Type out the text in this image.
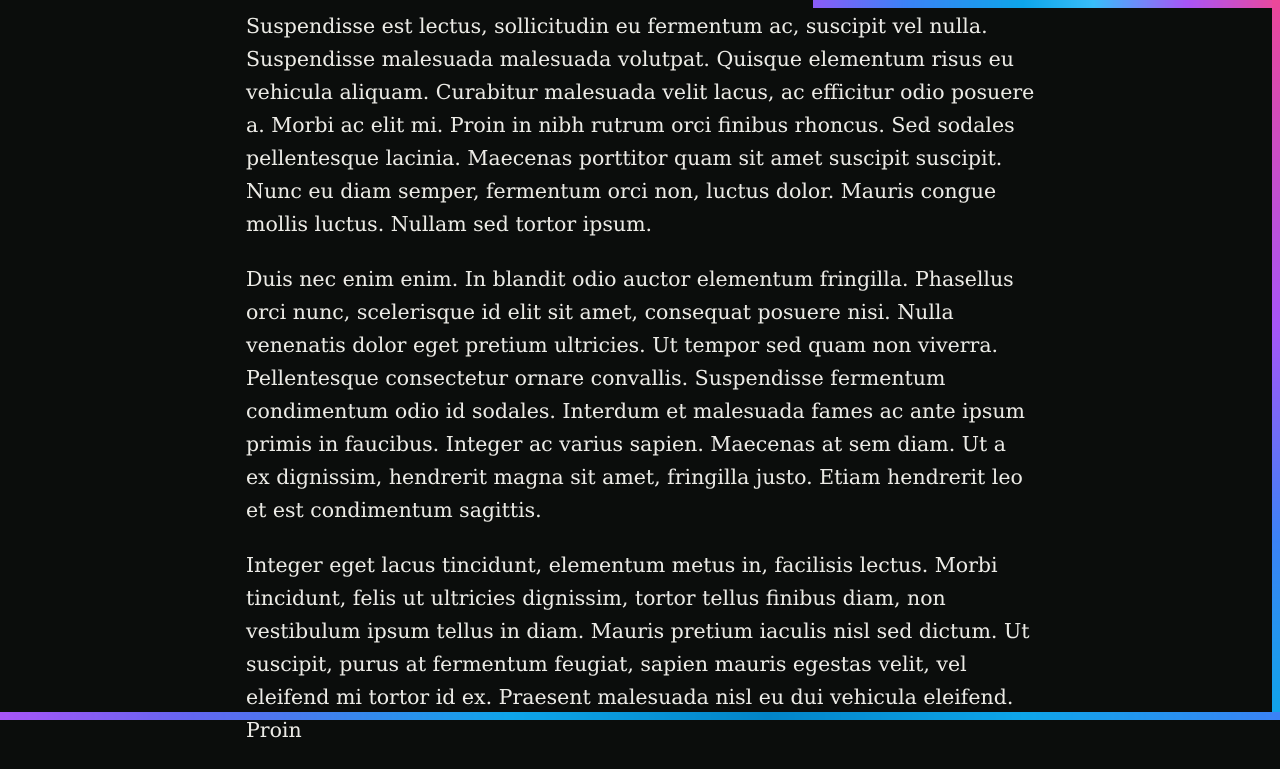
Suspendisse est lectus, sollicitudin eu fermentum ac, suscipit vel nulla. Suspendisse malesuada malesuada volutpat. Quisque elementum risus eu vehicula aliquam. Curabitur malesuada velit lacus, ac efficitur odio posuere a. Morbi ac elit mi. Proin in nibh rutrum orci finibus rhoncus. Sed sodales pellentesque lacinia. Maecenas porttitor quam sit amet suscipit suscipit. Nunc eu diam semper, fermentum orci non, luctus dolor. Mauris congue mollis luctus. Nullam sed tortor ipsum.

Duis nec enim enim. In blandit odio auctor elementum fringilla. Phasellus orci nunc, scelerisque id elit sit amet, consequat posuere nisi. Nulla venenatis dolor eget pretium ultricies. Ut tempor sed quam non viverra. Pellentesque consectetur ornare convallis. Suspendisse fermentum condimentum odio id sodales. Interdum et malesuada fames ac ante ipsum primis in faucibus. Integer ac varius sapien. Maecenas at sem diam. Ut a ex dignissim, hendrerit magna sit amet, fringilla justo. Etiam hendrerit leo et est condimentum sagittis.

Integer eget lacus tincidunt, elementum metus in, facilisis lectus. Morbi tincidunt, felis ut ultricies dignissim, tortor tellus finibus diam, non vestibulum ipsum tellus in diam. Mauris pretium iaculis nisl sed dictum. Ut suscipit, purus at fermentum feugiat, sapien mauris egestas velit, vel eleifend mi tortor id ex. Praesent malesuada nisl eu dui vehicula eleifend. Proin
